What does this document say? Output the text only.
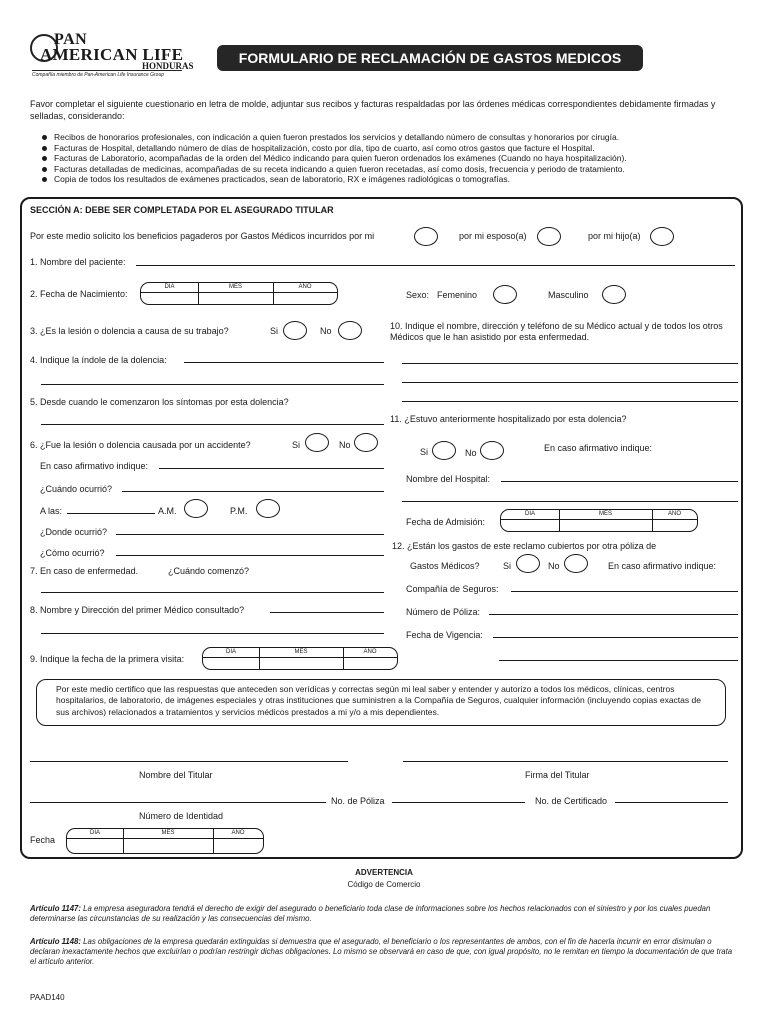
PAN
AMERICAN LIFE
HONDURAS
Compañía miembro de Pan-American Life Insurance Group
FORMULARIO DE RECLAMACIÓN DE GASTOS MEDICOS
Favor completar el siguiente cuestionario en letra de molde, adjuntar sus recibos y facturas respaldadas por las órdenes médicas correspondientes debidamente firmadas y selladas, considerando:
Recibos de honorarios profesionales, con indicación a quien fueron prestados los servicios y detallando número de consultas y honorarios por cirugía.
Facturas de Hospital, detallando número de días de hospitalización, costo por día, tipo de cuarto, así como otros gastos que facture el Hospital.
Facturas de Laboratorio, acompañadas de la orden del Médico indicando para quien fueron ordenados los exámenes (Cuando no haya hospitalización).
Facturas detalladas de medicinas, acompañadas de su receta indicando a quien fueron recetadas, así como dosis, frecuencia y periodo de tratamiento.
Copia de todos los resultados de exámenes practicados, sean de laboratorio, RX e imágenes radiológicas o tomografías.
SECCIÓN A: DEBE SER COMPLETADA POR EL ASEGURADO TITULAR
Por este medio solicito los beneficios pagaderos por Gastos Médicos incurridos por mi	por mi esposo(a)	por mi hijo(a)
1. Nombre del paciente:
2. Fecha de Nacimiento:
DIA	MES	AÑO
Sexo: Femenino	Masculino
3. ¿Es la lesión o dolencia a causa de su trabajo?	Si	No	10. Indique el nombre, dirección y teléfono de su Médico actual y de todos los otros Médicos que le han asistido por esta enfermedad.
4. Indique la índole de la dolencia:
5. Desde cuando le comenzaron los síntomas por esta dolencia?
11. ¿Estuvo anteriormente hospitalizado por esta dolencia?
Si	No	En caso afirmativo indique:
Nombre del Hospital:
Fecha de Admisión:
DIA	MES	AÑO
6. ¿Fue la lesión o dolencia causada por un accidente?	Si	No
En caso afirmativo indique:
¿Cuándo ocurrió?
A las:	A.M.	P.M.
¿Donde ocurrió?
¿Cómo ocurrió?
12. ¿Están los gastos de este reclamo cubiertos por otra póliza de
Gastos Médicos?	Si	No	En caso afirmativo indique:
Compañía de Seguros:
Número de Póliza:
Fecha de Vigencia:
7. En caso de enfermedad.	¿Cuándo comenzó?
8. Nombre y Dirección del primer Médico consultado?
9. Indique la fecha de la primera visita:
DIA	MES	AÑO
Por este medio certifico que las respuestas que anteceden son verídicas y correctas según mi leal saber y entender y autorizo a todos los médicos, clínicas, centros hospitalarios, de laboratorio, de imágenes especiales y otras instituciones que suministren a la Compañía de Seguros, cualquier información (incluyendo copias exactas de sus archivos) relacionados a tratamientos y servicios médicos prestados a mi y/o a mis dependientes.
Nombre del Titular	Firma del Titular
No. de Póliza	No. de Certificado
Número de Identidad
Fecha
DIA	MES	AÑO
ADVERTENCIA
Código de Comercio
Artículo 1147: La empresa aseguradora tendrá el derecho de exigir del asegurado o beneficiario toda clase de informaciones sobre los hechos relacionados con el siniestro y por los cuales puedan determinarse las circunstancias de su realización y las consecuencias del mismo.
Artículo 1148: Las obligaciones de la empresa quedarán extinguidas si demuestra que el asegurado, el beneficiario o los representantes de ambos, con el fin de hacerla incurrir en error disimulan o declaran inexactamente hechos que excluirían o podrían restringir dichas obligaciones. Lo mismo se observará en caso de que, con igual propósito, no le remitan en tiempo la documentación de que trata el artículo anterior.
PAAD140
